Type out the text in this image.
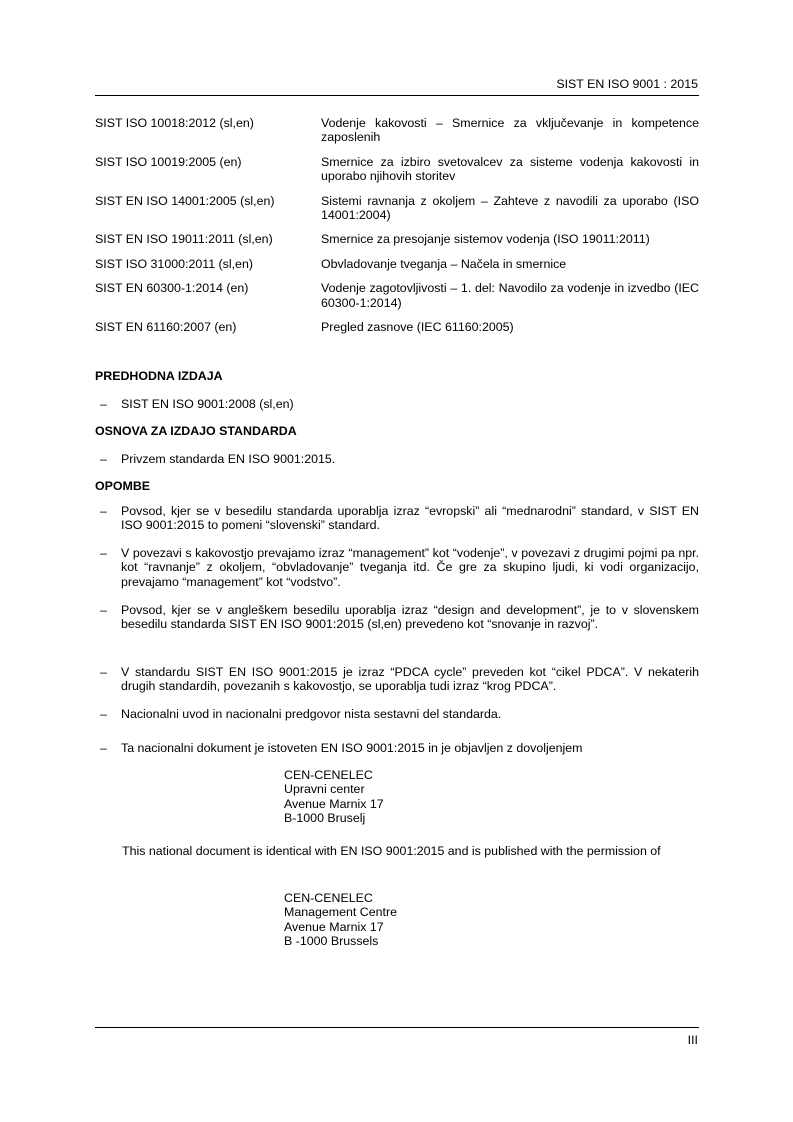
SIST EN ISO 9001 : 2015
SIST ISO 10018:2012 (sl,en)	Vodenje kakovosti – Smernice za vključevanje in kompetence zaposlenih
SIST ISO 10019:2005 (en)	Smernice za izbiro svetovalcev za sisteme vodenja kakovosti in uporabo njihovih storitev
SIST EN ISO 14001:2005 (sl,en)	Sistemi ravnanja z okoljem – Zahteve z navodili za uporabo (ISO 14001:2004)
SIST EN ISO 19011:2011 (sl,en)	Smernice za presojanje sistemov vodenja (ISO 19011:2011)
SIST ISO 31000:2011 (sl,en)	Obvladovanje tveganja – Načela in smernice
SIST EN 60300-1:2014 (en)	Vodenje zagotovljivosti – 1. del: Navodilo za vodenje in izvedbo (IEC 60300-1:2014)
SIST EN 61160:2007 (en)	Pregled zasnove (IEC 61160:2005)
PREDHODNA IZDAJA
–	SIST EN ISO 9001:2008 (sl,en)
OSNOVA ZA IZDAJO STANDARDA
–	Privzem standarda EN ISO 9001:2015.
OPOMBE
–	Povsod, kjer se v besedilu standarda uporablja izraz “evropski” ali “mednarodni” standard, v SIST EN ISO 9001:2015 to pomeni “slovenski” standard.
–	V povezavi s kakovostjo prevajamo izraz “management” kot “vodenje”, v povezavi z drugimi pojmi pa npr. kot “ravnanje” z okoljem, “obvladovanje” tveganja itd. Če gre za skupino ljudi, ki vodi organizacijo, prevajamo “management” kot “vodstvo”.
–	Povsod, kjer se v angleškem besedilu uporablja izraz “design and development”, je to v slovenskem besedilu standarda SIST EN ISO 9001:2015 (sl,en) prevedeno kot “snovanje in razvoj”.
–	V standardu SIST EN ISO 9001:2015 je izraz “PDCA cycle” preveden kot “cikel PDCA”. V nekaterih drugih standardih, povezanih s kakovostjo, se uporablja tudi izraz “krog PDCA”.
–	Nacionalni uvod in nacionalni predgovor nista sestavni del standarda.
–	Ta nacionalni dokument je istoveten EN ISO 9001:2015 in je objavljen z dovoljenjem
CEN-CENELEC
Upravni center
Avenue Marnix 17
B-1000 Bruselj
This national document is identical with EN ISO 9001:2015 and is published with the permission of
CEN-CENELEC
Management Centre
Avenue Marnix 17
B -1000 Brussels
III
